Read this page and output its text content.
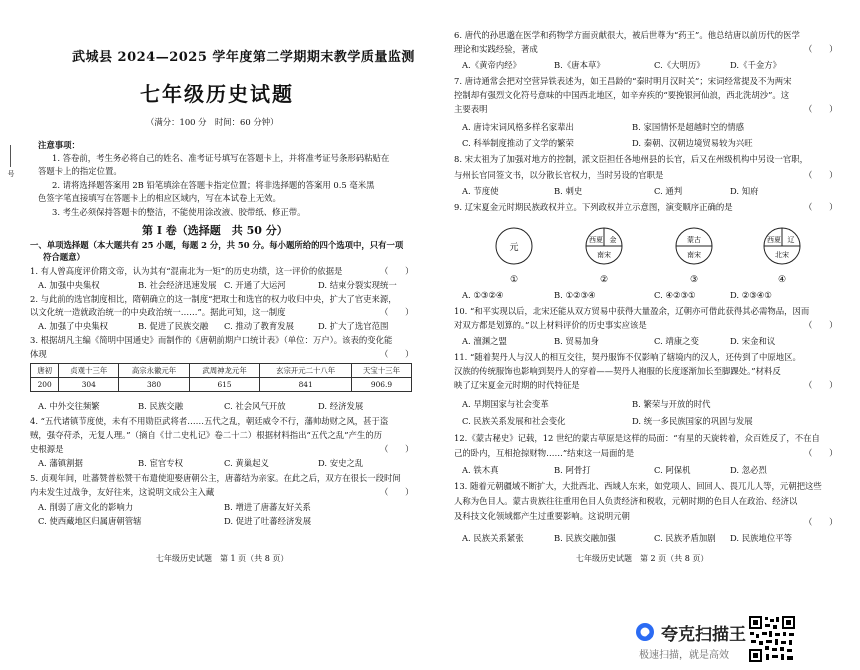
武城县 2024—2025 学年度第二学期期末教学质量监测
七年级历史试题
（满分：100 分　时间：60 分钟）
注意事项：
1. 答卷前，考生务必将自己的姓名、准考证号填写在答题卡上，并将准考证号条形码粘贴在
答题卡上的指定位置。
2. 请将选择题答案用 2B 铅笔填涂在答题卡指定位置；将非选择题的答案用 0.5 毫米黑
色签字笔直接填写在答题卡上的相应区域内，写在本试卷上无效。
3. 考生必须保持答题卡的整洁，不能使用涂改液、胶带纸、修正带。
第 Ⅰ 卷（选择题　共 50 分）
一、单项选择题（本大题共有 25 小题，每题 2 分，共 50 分。每小题所给的四个选项中，只有一项
符合题意）
号
1. 有人曾高度评价隋文帝，认为其有“混南北为一矩”的历史功绩，这一评价的依据是	（　　）
A. 加强中央集权	B. 社会经济迅速发展 C. 开通了大运河	D. 结束分裂实现统一
2. 与此前的选官制度相比，隋朝确立的这一制度“把取士和选官的权力收归中央，扩大了官吏来源，
以文化统一造就政治统一的中央政治统一……”。据此可知，这一制度	（　　）
A. 加强了中央集权	B. 促进了民族交融 C. 推动了教育发展	D. 扩大了选官范围
3. 根据胡凡主编《简明中国通史》而制作的《唐朝前期户口统计表》（单位：万户）。该表的变化能
体现	（　　）
唐初	贞观十三年	高宗永徽元年	武周神龙元年	玄宗开元二十八年	天宝十三年
200	304	380	615	841	906.9
A. 中外交往频繁	B. 民族交融	C. 社会风气开放	D. 经济发展
4. “五代诸镇节度使，未有不用勋臣武将者……五代之乱，朝廷威令不行，藩帅劫财之风，甚于盗
贼，强夺苻杀，无复人理。”（摘自《廿二史札记》卷二十二）根据材料指出“五代之乱”产生的历
史根源是	（　　）
A. 藩镇割据	B. 宦官专权	C. 黄巢起义	D. 安史之乱
5. 贞观年间，吐蕃赞普松赞干布遣使迎娶唐朝公主，唐蕃结为亲家。在此之后，双方在很长一段时间
内未发生过战争，友好往来，这说明文成公主入藏	（　　）
A. 削弱了唐文化的影响力	B. 增进了唐蕃友好关系
C. 使西藏地区归属唐朝管辖	D. 促进了吐蕃经济发展
七年级历史试题　第 1 页（共 8 页）
6. 唐代的孙思邈在医学和药物学方面贡献很大，被后世尊为“药王”。他总结唐以前历代的医学
理论和实践经验，著成	（　　）
A.《黄帝内经》	B.《唐本草》	C.《大明历》	D.《千金方》
7. 唐诗通常会把对空营异铁表述为，如王昌龄的“秦时明月汉时关”；宋词经常提及不为两宋
控制却有强烈文化符号意味的中国西北地区，如辛弃疾的“要挽银河仙浪，西北洗胡沙”。这
主要表明	（　　）
A. 唐诗宋词风格多样名家辈出	B. 家国情怀是超越时空的情感
C. 科举制度推动了文学的繁荣	D. 秦朝、汉朝边境贸易较为兴旺
8. 宋太祖为了加强对地方的控制，派文臣担任各地州县的长官，后又在州级机构中另设一官职，
与州长官同签文书，以分散长官权力，当时另设的官职是	（　　）
A. 节度使	B. 刺史	C. 通判	D. 知府
9. 辽宋夏金元时期民族政权并立。下列政权并立示意图，演变顺序正确的是	（　　）
元
①
西夏 金
南宋
②
蒙古
南宋
③
西夏 辽
北宋
④
A. ①③②④	B. ①②③④	C. ④②③①	D. ②③④①
10. “和平实现以后，北宋还能从双方贸易中获得大量盈余，辽朝亦可借此获得其必需物品，因而
对双方都是划算的。”以上材料评价的历史事实应该是	（　　）
A. 澶渊之盟	B. 贸易加身	C. 靖康之变	D. 宋金和议
11. “随着契丹人与汉人的相互交往，契丹服饰不仅影响了辖境内的汉人，还传到了中原地区。
汉族的传统服饰也影响到契丹人的穿着——契丹人袍服的长度逐渐加长至脚踝处。”材料反
映了辽宋夏金元时期的时代特征是	（　　）
A. 早期国家与社会变革	B. 繁荣与开放的时代
C. 民族关系发展和社会变化	D. 统一多民族国家的巩固与发展
12.《蒙古秘史》记载，12 世纪的蒙古草原是这样的局面：“有星的天旋转着，众百姓反了，不在自
己的卧内，互相抢掠财物……”结束这一局面的是	（　　）
A. 铁木真	B. 阿骨打	C. 阿保机	D. 忽必烈
13. 随着元朝疆域不断扩大，大批西北、西域人东来，如党项人、回回人、畏兀儿人等，元朝把这些
人称为色目人。蒙古贵族往往重用色目人负责经济和税收，元朝时期的色目人在政治、经济以
及科技文化领域都产生过重要影响。这说明元朝
（　　）
A. 民族关系紧张	B. 民族交融加强	C. 民族矛盾加剧 D. 民族地位平等
七年级历史试题　第 2 页（共 8 页）
夸克扫描王
极速扫描，就是高效
